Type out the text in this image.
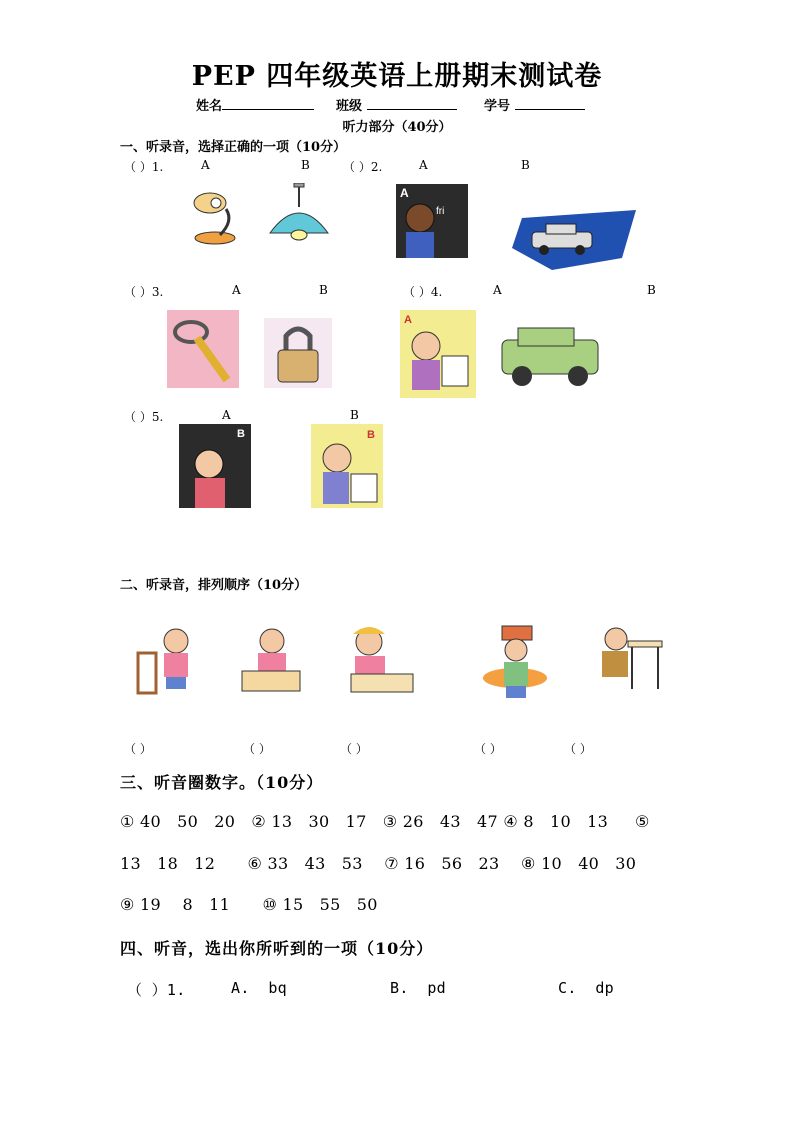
PEP 四年级英语上册期末测试卷
姓名	班级	学号
听力部分（40分）
一、听录音，选择正确的一项（10分）
（ ）1.	A	B	（ ）2.	A	B
A
fri
（ ）3.	A	B	（ ）4.	A	B
A
（ ）5.	A	B
B	B
二、听录音，排列顺序（10分）
（ ）	（ ）	（ ）	（ ）	（ ）
三、听音圈数字。（10分）
① 40   50   20   ② 13   30   17   ③ 26   43   47 ④ 8   10   13     ⑤
13   18   12      ⑥ 33   43   53    ⑦ 16   56   23    ⑧ 10   40   30
⑨ 19    8   11      ⑩ 15   55   50
四、听音，选出你所听到的一项（10分）
（ ）1.	A.  bq	B.  pd	C.  dp
